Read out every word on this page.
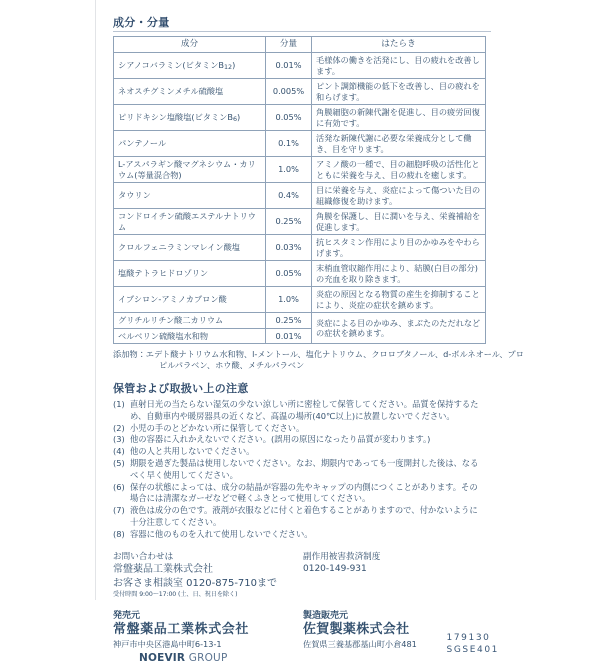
成分・分量
成分	分量	はたらき
シアノコバラミン(ビタミンB12)	0.01%	毛様体の働きを活発にし、目の疲れを改善します。
ネオスチグミンメチル硫酸塩	0.005%	ピント調節機能の低下を改善し、目の疲れを和らげます。
ピリドキシン塩酸塩(ビタミンB6)	0.05%	角膜細胞の新陳代謝を促進し、目の疲労回復に有効です。
パンテノール	0.1%	活発な新陳代謝に必要な栄養成分として働き、目を守ります。
L-アスパラギン酸マグネシウム・カリウム(等量混合物)	1.0%	アミノ酸の一種で、目の細胞呼吸の活性化とともに栄養を与え、目の疲れを癒します。
タウリン	0.4%	目に栄養を与え、炎症によって傷ついた目の組織修復を助けます。
コンドロイチン硫酸エステルナトリウム	0.25%	角膜を保護し、目に潤いを与え、栄養補給を促進します。
クロルフェニラミンマレイン酸塩	0.03%	抗ヒスタミン作用により目のかゆみをやわらげます。
塩酸テトラヒドロゾリン	0.05%	末梢血管収縮作用により、結膜(白目の部分)の充血を取り除きます。
イプシロン-アミノカプロン酸	1.0%	炎症の原因となる物質の産生を抑制することにより、炎症の症状を鎮めます。
グリチルリチン酸二カリウム	0.25%	炎症による目のかゆみ、まぶたのただれなどの症状を鎮めます。
ベルベリン硫酸塩水和物	0.01%	

添加物：エデト酸ナトリウム水和物、l-メントール、塩化ナトリウム、クロロブタノール、d-ボルネオール、プロピルパラベン、ホウ酸、メチルパラベン

保管および取扱い上の注意
(1) 直射日光の当たらない湿気の少ない涼しい所に密栓して保管してください。品質を保持するため、自動車内や暖房器具の近くなど、高温の場所(40℃以上)に放置しないでください。
(2) 小児の手のとどかない所に保管してください。
(3) 他の容器に入れかえないでください。(誤用の原因になったり品質が変わります。)
(4) 他の人と共用しないでください。
(5) 期限を過ぎた製品は使用しないでください。なお、期限内であっても一度開封した後は、なるべく早く使用してください。
(6) 保存の状態によっては、成分の結晶が容器の先やキャップの内側につくことがあります。その場合には清潔なガーゼなどで軽くふきとって使用してください。
(7) 液色は成分の色です。液剤が衣服などに付くと着色することがありますので、付かないように十分注意してください。
(8) 容器に他のものを入れて使用しないでください。
お問い合わせは
常盤薬品工業株式会社
お客さま相談室 0120-875-710まで
受付時間 9:00〜17:00 (土、日、祝日を除く)
副作用被害救済制度
0120-149-931
発売元
常盤薬品工業株式会社
神戸市中央区港島中町6-13-1
NOEVIR GROUP
製造販売元
佐賀製薬株式会社
佐賀県三養基郡基山町小倉481
179130
SGSE401
